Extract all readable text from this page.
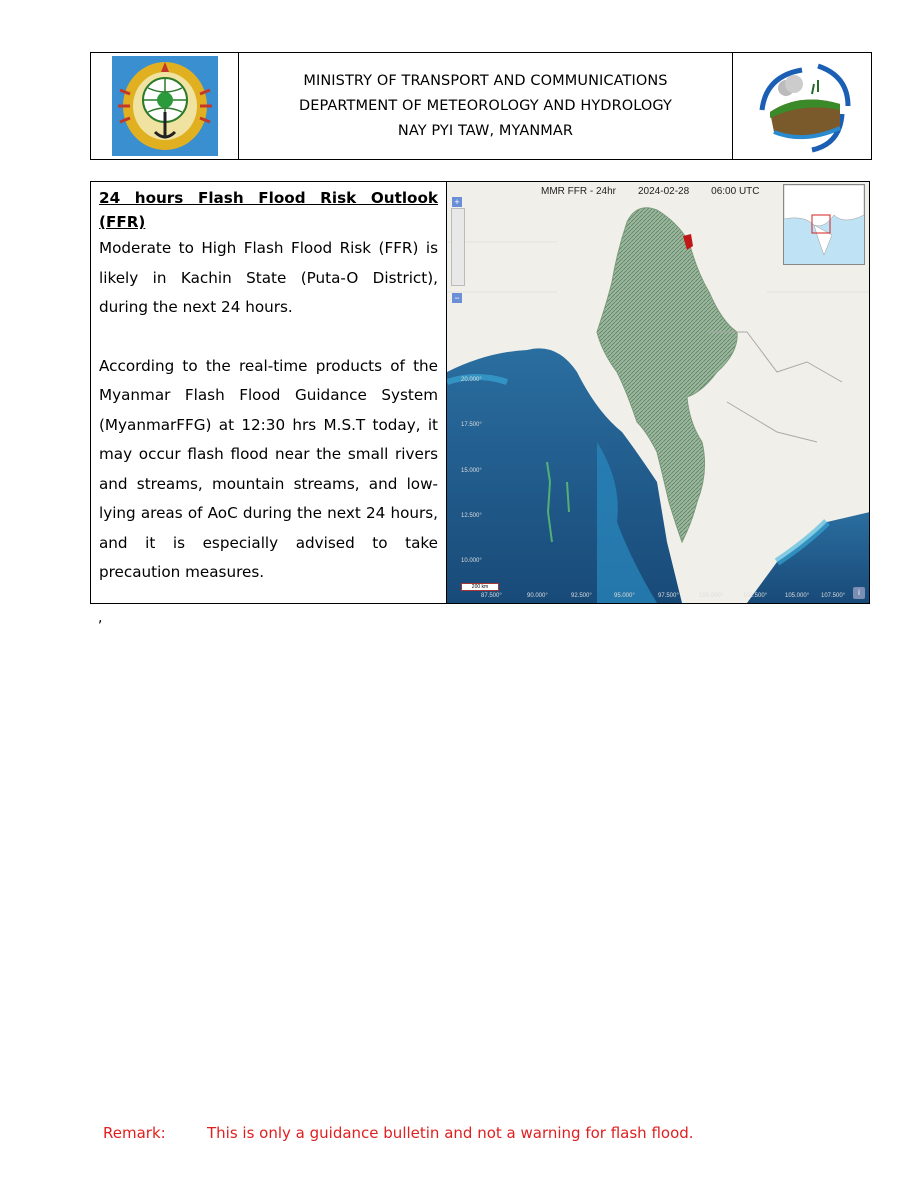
MINISTRY OF TRANSPORT AND COMMUNICATIONS
DEPARTMENT OF METEOROLOGY AND HYDROLOGY
NAY PYI TAW, MYANMAR

24 hours Flash Flood Risk Outlook (FFR)

Moderate to High Flash Flood Risk (FFR) is likely in Kachin State (Puta-O District), during the next 24 hours.

According to the real-time products of the Myanmar Flash Flood Guidance System (MyanmarFFG) at 12:30 hrs M.S.T today, it may occur flash flood near the small rivers and streams, mountain streams, and low-lying areas of AoC during the next 24 hours, and it is especially advised to take precaution measures.

MMR FFR - 24hr 2024-02-28 06:00 UTC
+
−
20.000°
17.500°
15.000°
12.500°
10.000°
87.500°	90.000°	92.500°	95.000°	97.500°	100.000°	102.500°	105.000° 107.500°
200 km
i
,
Remark:	This is only a guidance bulletin and not a warning for flash flood.
